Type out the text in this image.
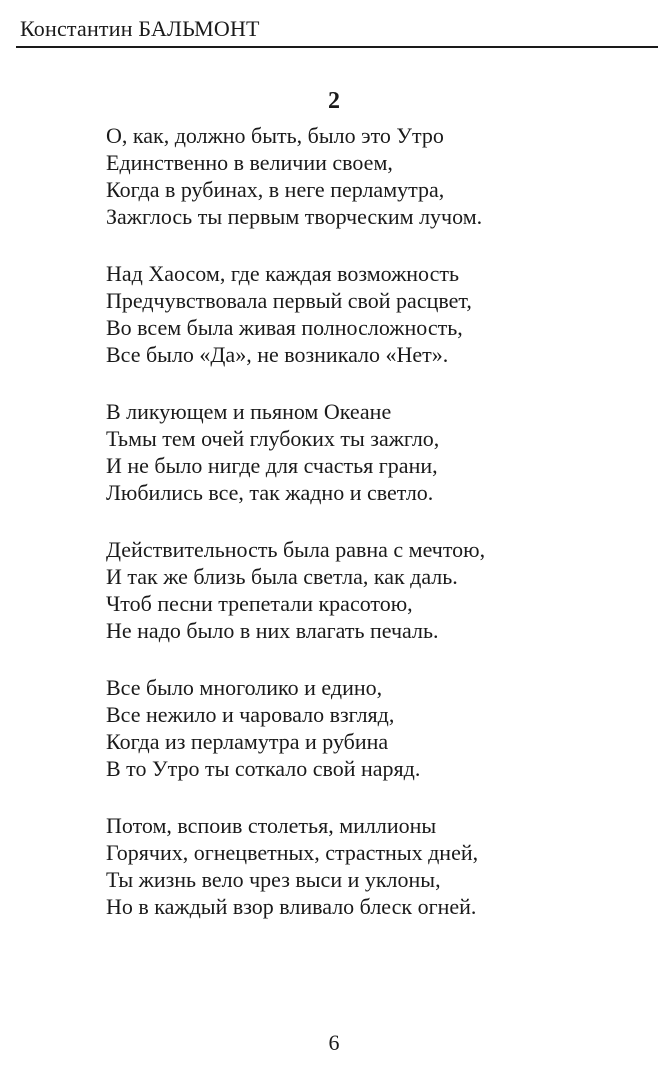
Константин БАЛЬМОНТ
2
О, как, должно быть, было это Утро
Единственно в величии своем,
Когда в рубинах, в неге перламутра,
Зажглось ты первым творческим лучом.
Над Хаосом, где каждая возможность
Предчувствовала первый свой расцвет,
Во всем была живая полносложность,
Все было «Да», не возникало «Нет».
В ликующем и пьяном Океане
Тьмы тем очей глубоких ты зажгло,
И не было нигде для счастья грани,
Любились все, так жадно и светло.
Действительность была равна с мечтою,
И так же близь была светла, как даль.
Чтоб песни трепетали красотою,
Не надо было в них влагать печаль.
Все было многолико и едино,
Все нежило и чаровало взгляд,
Когда из перламутра и рубина
В то Утро ты соткало свой наряд.
Потом, вспоив столетья, миллионы
Горячих, огнецветных, страстных дней,
Ты жизнь вело чрез выси и уклоны,
Но в каждый взор вливало блеск огней.
6
